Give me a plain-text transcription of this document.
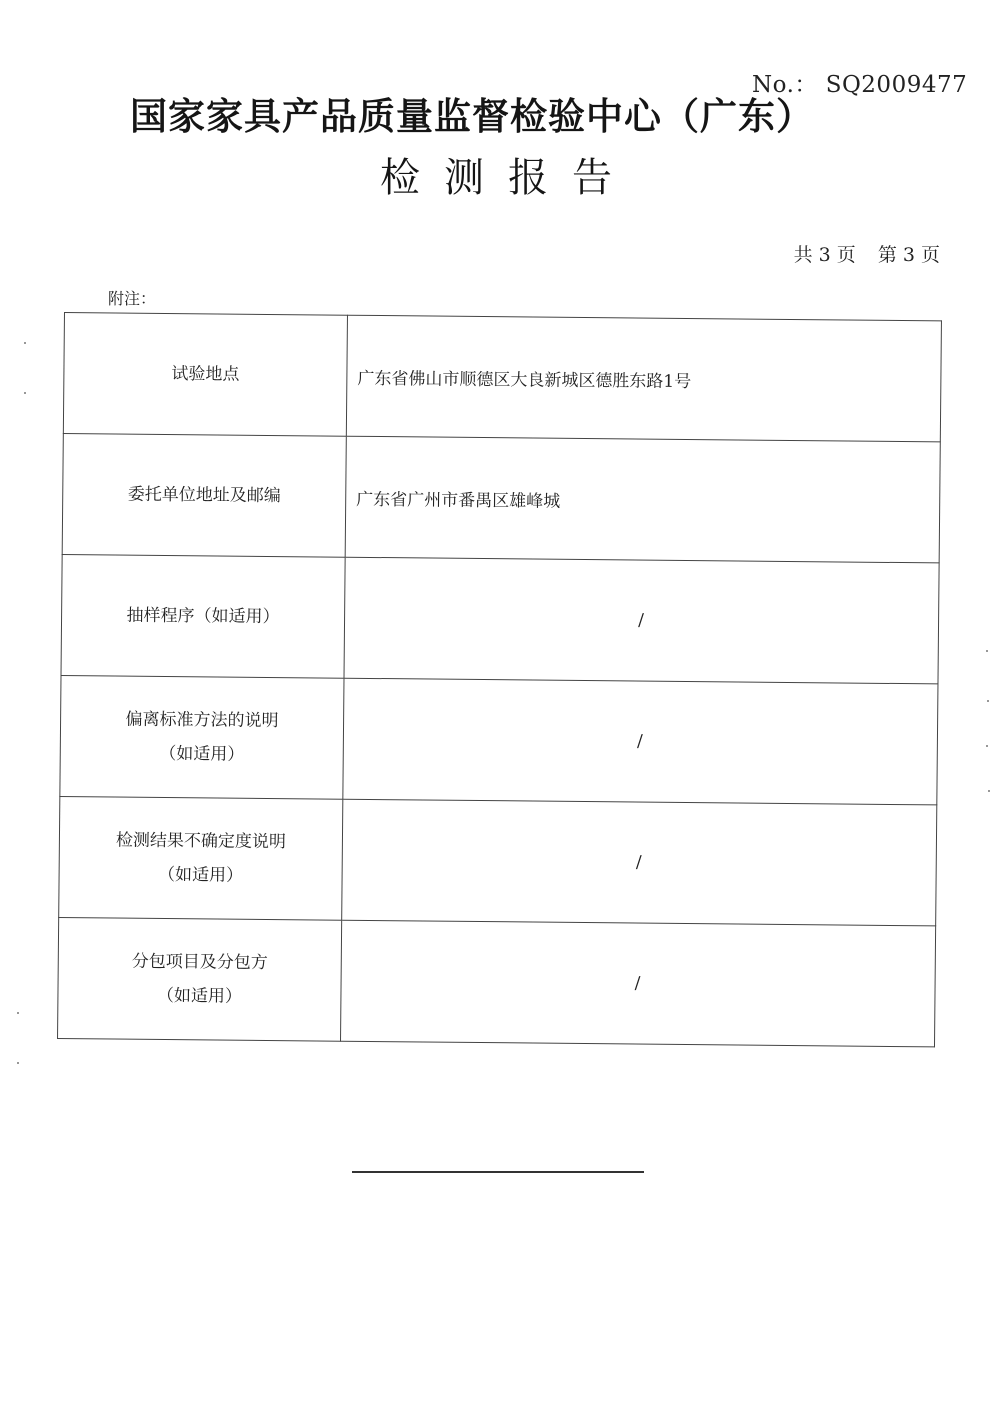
No.： SQ2009477
国家家具产品质量监督检验中心（广东）
检测报告
共 3 页 第 3 页
附注：
试验地点	广东省佛山市顺德区大良新城区德胜东路1号

委托单位地址及邮编	广东省广州市番禺区雄峰城

抽样程序（如适用）	/

偏离标准方法的说明
（如适用）	/

检测结果不确定度说明
（如适用）	/

分包项目及分包方
（如适用）	/
